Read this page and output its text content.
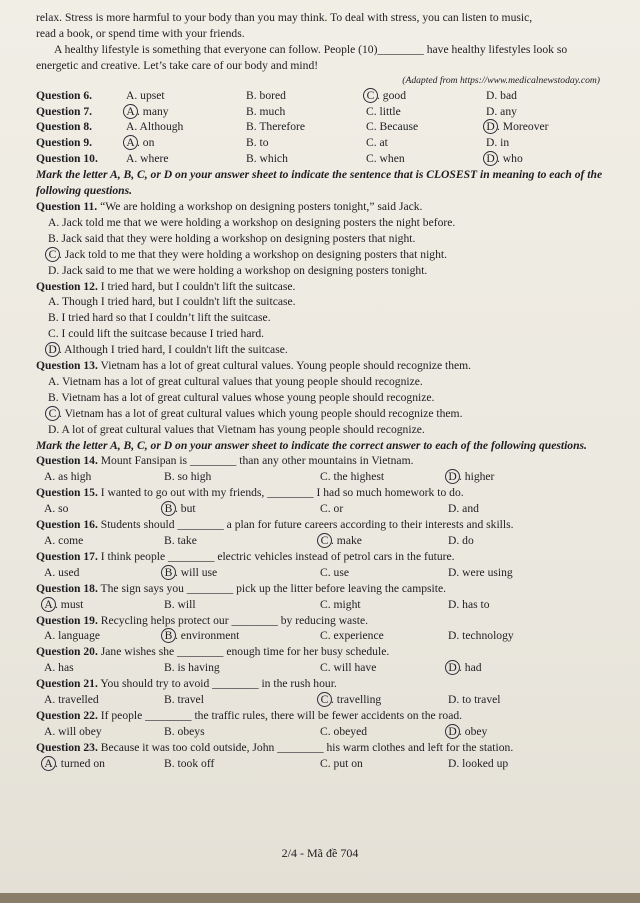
relax. Stress is more harmful to your body than you may think. To deal with stress, you can listen to music,

read a book, or spend time with your friends.

A healthy lifestyle is something that everyone can follow. People (10)________ have healthy lifestyles look so energetic and creative. Let’s take care of our body and mind!

(Adapted from https://www.medicalnewstoday.com)

Question 6.	A. upset	B. bored	C . good	D. bad
Question 7.	A . many	B. much	C. little	D. any
Question 8.	A. Although	B. Therefore	C. Because	D . Moreover
Question 9.	A . on	B. to	C. at	D. in
Question 10.	A. where	B. which	C. when	D . who

Mark the letter A, B, C, or D on your answer sheet to indicate the sentence that is CLOSEST in meaning to each of the following questions.

Question 11. “We are holding a workshop on designing posters tonight,” said Jack.

A. Jack told me that we were holding a workshop on designing posters the night before.

B. Jack said that they were holding a workshop on designing posters that night.

C . Jack told to me that they were holding a workshop on designing posters that night.

D. Jack said to me that we were holding a workshop on designing posters tonight.

Question 12. I tried hard, but I couldn't lift the suitcase.

A. Though I tried hard, but I couldn't lift the suitcase.

B. I tried hard so that I couldn’t lift the suitcase.

C. I could lift the suitcase because I tried hard.

D . Although I tried hard, I couldn't lift the suitcase.

Question 13. Vietnam has a lot of great cultural values. Young people should recognize them.

A. Vietnam has a lot of great cultural values that young people should recognize.

B. Vietnam has a lot of great cultural values whose young people should recognize.

C . Vietnam has a lot of great cultural values which young people should recognize them.

D. A lot of great cultural values that Vietnam has young people should recognize.

Mark the letter A, B, C, or D on your answer sheet to indicate the correct answer to each of the following questions.

Question 14. Mount Fansipan is ________ than any other mountains in Vietnam.

A. as high	B. so high	C. the highest	D . higher

Question 15. I wanted to go out with my friends, ________ I had so much homework to do.

A. so	B . but	C. or	D. and

Question 16. Students should ________ a plan for future careers according to their interests and skills.

A. come	B. take	C . make	D. do

Question 17. I think people ________ electric vehicles instead of petrol cars in the future.

A. used	B . will use	C. use	D. were using

Question 18. The sign says you ________ pick up the litter before leaving the campsite.

A . must	B. will	C. might	D. has to

Question 19. Recycling helps protect our ________ by reducing waste.

A. language	B . environment	C. experience	D. technology

Question 20. Jane wishes she ________ enough time for her busy schedule.

A. has	B. is having	C. will have	D . had

Question 21. You should try to avoid ________ in the rush hour.

A. travelled	B. travel	C . travelling	D. to travel

Question 22. If people ________ the traffic rules, there will be fewer accidents on the road.

A. will obey	B. obeys	C. obeyed	D . obey

Question 23. Because it was too cold outside, John ________ his warm clothes and left for the station.

A . turned on	B. took off	C. put on	D. looked up
2/4 - Mã đề 704
